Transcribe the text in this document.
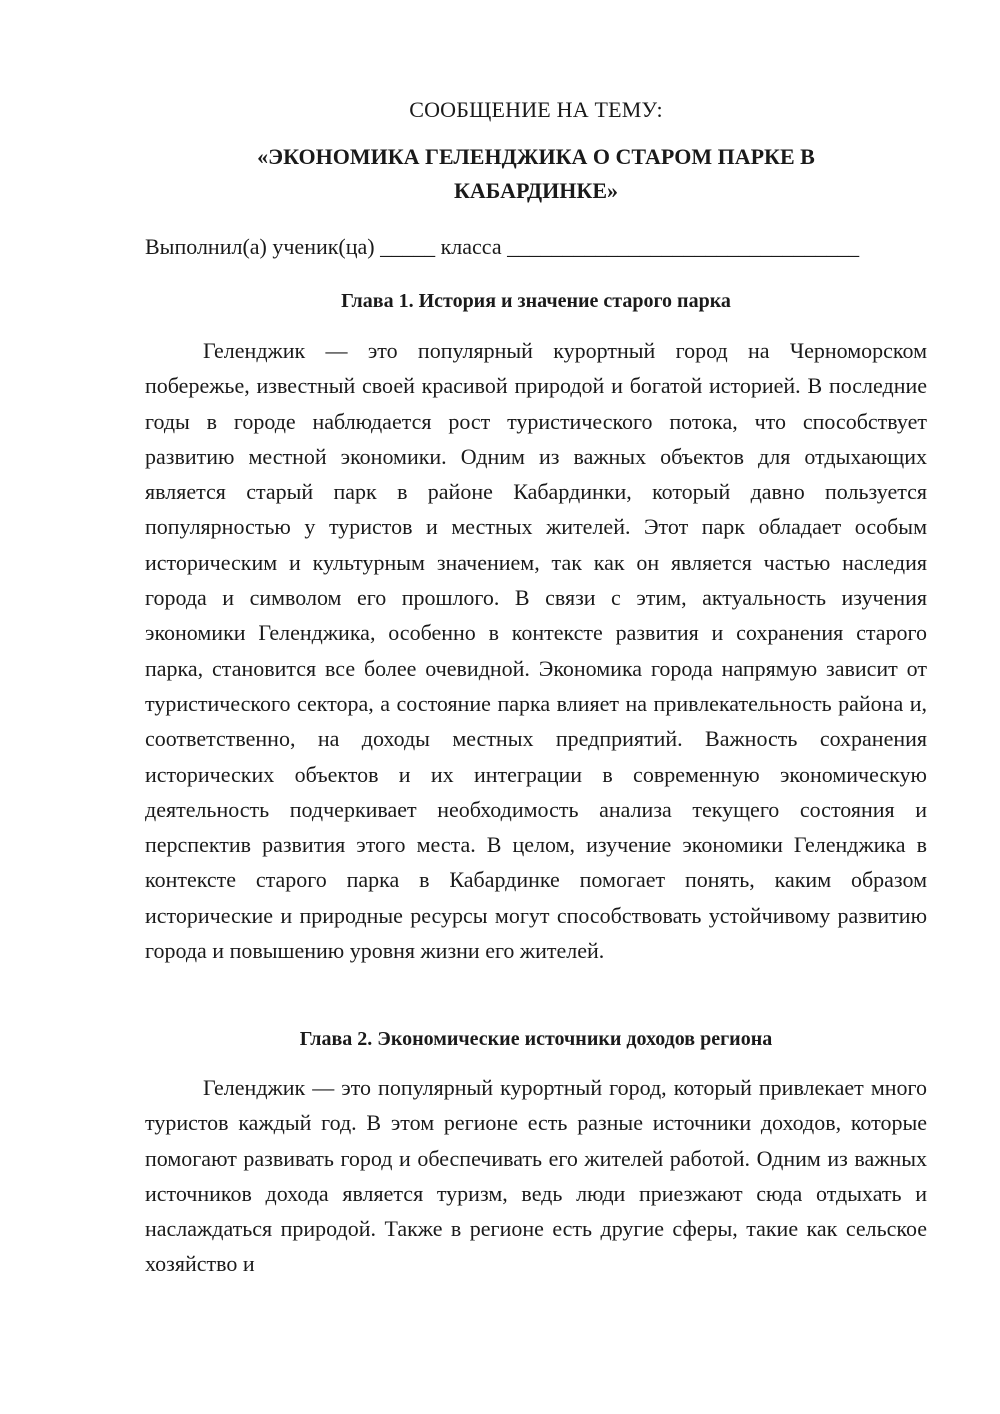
СООБЩЕНИЕ НА ТЕМУ:
«ЭКОНОМИКА ГЕЛЕНДЖИКА О СТАРОМ ПАРКЕ В
КАБАРДИНКЕ»
Выполнил(а) ученик(ца) _____ класса ________________________________
Глава 1. История и значение старого парка

Геленджик — это популярный курортный город на Черноморском побережье, известный своей красивой природой и богатой историей. В последние годы в городе наблюдается рост туристического потока, что способствует развитию местной экономики. Одним из важных объектов для отдыхающих является старый парк в районе Кабардинки, который давно пользуется популярностью у туристов и местных жителей. Этот парк обладает особым историческим и культурным значением, так как он является частью наследия города и символом его прошлого. В связи с этим, актуальность изучения экономики Геленджика, особенно в контексте развития и сохранения старого парка, становится все более очевидной. Экономика города напрямую зависит от туристического сектора, а состояние парка влияет на привлекательность района и, соответственно, на доходы местных предприятий. Важность сохранения исторических объектов и их интеграции в современную экономическую деятельность подчеркивает необходимость анализа текущего состояния и перспектив развития этого места. В целом, изучение экономики Геленджика в контексте старого парка в Кабардинке помогает понять, каким образом исторические и природные ресурсы могут способствовать устойчивому развитию города и повышению уровня жизни его жителей.

Глава 2. Экономические источники доходов региона

Геленджик — это популярный курортный город, который привлекает много туристов каждый год. В этом регионе есть разные источники доходов, которые помогают развивать город и обеспечивать его жителей работой. Одним из важных источников дохода является туризм, ведь люди приезжают сюда отдыхать и наслаждаться природой. Также в регионе есть другие сферы, такие как сельское хозяйство и
